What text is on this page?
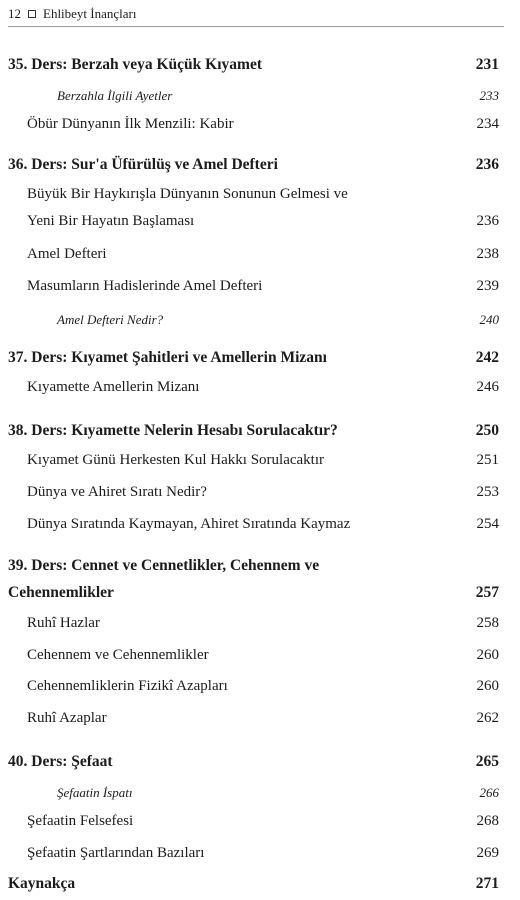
12 Ehlibeyt İnançları
35. Ders: Berzah veya Küçük Kıyamet	231
Berzahla İlgili Ayetler	233
Öbür Dünyanın İlk Menzili: Kabir	234
36. Ders: Sur'a Üfürülüş ve Amel Defteri	236
Büyük Bir Haykırışla Dünyanın Sonunun Gelmesi ve
Yeni Bir Hayatın Başlaması	236
Amel Defteri	238
Masumların Hadislerinde Amel Defteri	239
Amel Defteri Nedir?	240
37. Ders: Kıyamet Şahitleri ve Amellerin Mizanı	242
Kıyamette Amellerin Mizanı	246
38. Ders: Kıyamette Nelerin Hesabı Sorulacaktır?	250
Kıyamet Günü Herkesten Kul Hakkı Sorulacaktır	251
Dünya ve Ahiret Sıratı Nedir?	253
Dünya Sıratında Kaymayan, Ahiret Sıratında Kaymaz	254
39. Ders: Cennet ve Cennetlikler, Cehennem ve
Cehennemlikler	257
Ruhî Hazlar	258
Cehennem ve Cehennemlikler	260
Cehennemliklerin Fizikî Azapları	260
Ruhî Azaplar	262
40. Ders: Şefaat	265
Şefaatin İspatı	266
Şefaatin Felsefesi	268
Şefaatin Şartlarından Bazıları	269
Kaynakça	271
